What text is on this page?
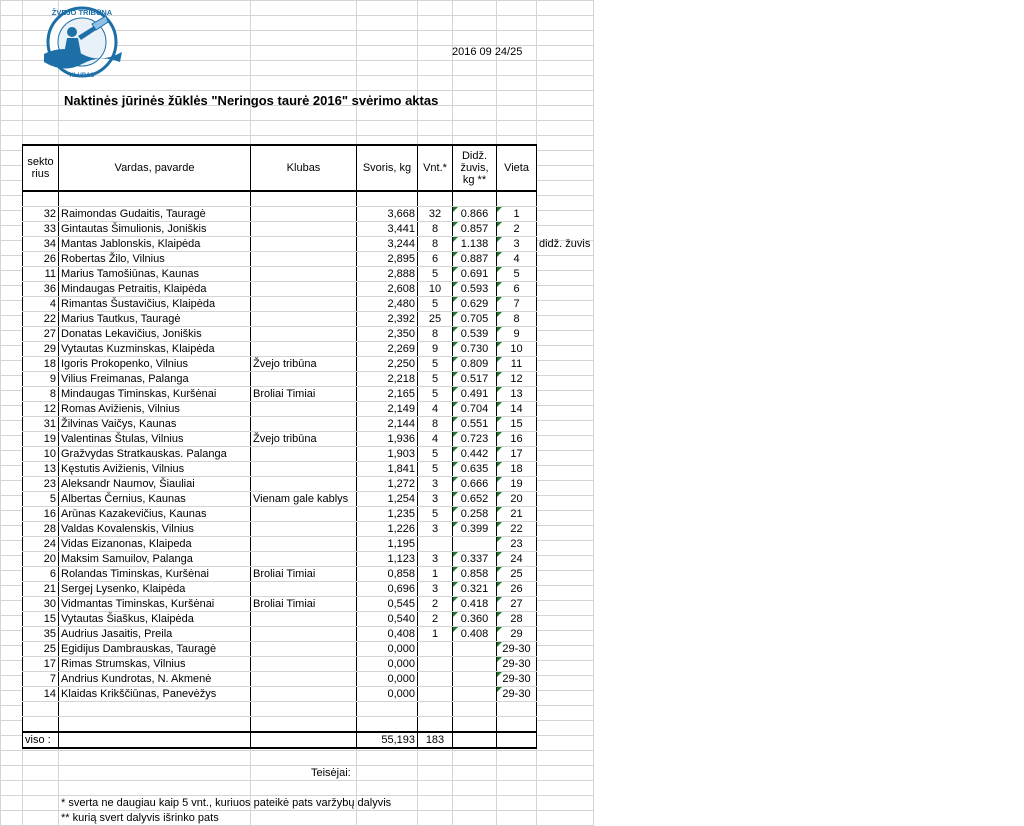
ŽVEJO TRIBŪNA
KLUBAS
2016 09 24/25
Naktinės jūrinės žūklės "Neringos taurė 2016" svėrimo aktas
sekto rius	Vardas, pavarde	Klubas	Svoris, kg	Vnt.*	Didž. žuvis, kg **	Vieta

32	Raimondas Gudaitis, Tauragė		3,668	32	0.866	1
33	Gintautas Šimulionis, Joniškis		3,441	8	0.857	2
34	Mantas Jablonskis, Klaipėda		3,244	8	1.138	3 didž. žuvis

26	Robertas Žilo, Vilnius		2,895	6	0.887	4
11	Marius Tamošiūnas, Kaunas		2,888	5	0.691	5
36	Mindaugas Petraitis, Klaipėda		2,608	10	0.593	6
4	Rimantas Šustavičius, Klaipėda		2,480	5	0.629	7
22	Marius Tautkus, Tauragė		2,392	25	0.705	8
27	Donatas Lekavičius, Joniškis		2,350	8	0.539	9
29	Vytautas Kuzminskas, Klaipėda		2,269	9	0.730	10
18	Igoris Prokopenko, Vilnius	Žvejo tribūna	2,250	5	0.809	11
9	Vilius Freimanas, Palanga		2,218	5	0.517	12
8	Mindaugas Timinskas, Kuršėnai	Broliai Timiai	2,165	5	0.491	13
12	Romas Avižienis, Vilnius		2,149	4	0.704	14
31	Žilvinas Vaičys, Kaunas		2,144	8	0.551	15
19	Valentinas Štulas, Vilnius	Žvejo tribūna	1,936	4	0.723	16
10	Gražvydas Stratkauskas. Palanga		1,903	5	0.442	17
13	Kęstutis Avižienis, Vilnius		1,841	5	0.635	18
23	Aleksandr Naumov, Šiauliai		1,272	3	0.666	19
5	Albertas Černius, Kaunas	Vienam gale kablys	1,254	3	0.652	20
16	Arūnas Kazakevičius, Kaunas		1,235	5	0.258	21
28	Valdas Kovalenskis, Vilnius		1,226	3	0.399	22
24	Vidas Eizanonas, Klaipeda		1,195			23
20	Maksim Samuilov, Palanga		1,123	3	0.337	24
6	Rolandas Timinskas, Kuršėnai	Broliai Timiai	0,858	1	0.858	25
21	Sergej Lysenko, Klaipėda		0,696	3	0.321	26
30	Vidmantas Timinskas, Kuršėnai	Broliai Timiai	0,545	2	0.418	27
15	Vytautas Šiaškus, Klaipėda		0,540	2	0.360	28
35	Audrius Jasaitis, Preila		0,408	1	0.408	29
25	Egidijus Dambrauskas, Tauragė		0,000			29-30
17	Rimas Strumskas, Vilnius		0,000			29-30
7	Andrius Kundrotas, N. Akmenė		0,000			29-30
14	Klaidas Krikščiūnas, Panevėžys		0,000			29-30

viso :			55,193	183		
Teisėjai:
* sverta ne daugiau kaip 5 vnt., kuriuos pateikė pats varžybų dalyvis
** kurią svert dalyvis išrinko pats
